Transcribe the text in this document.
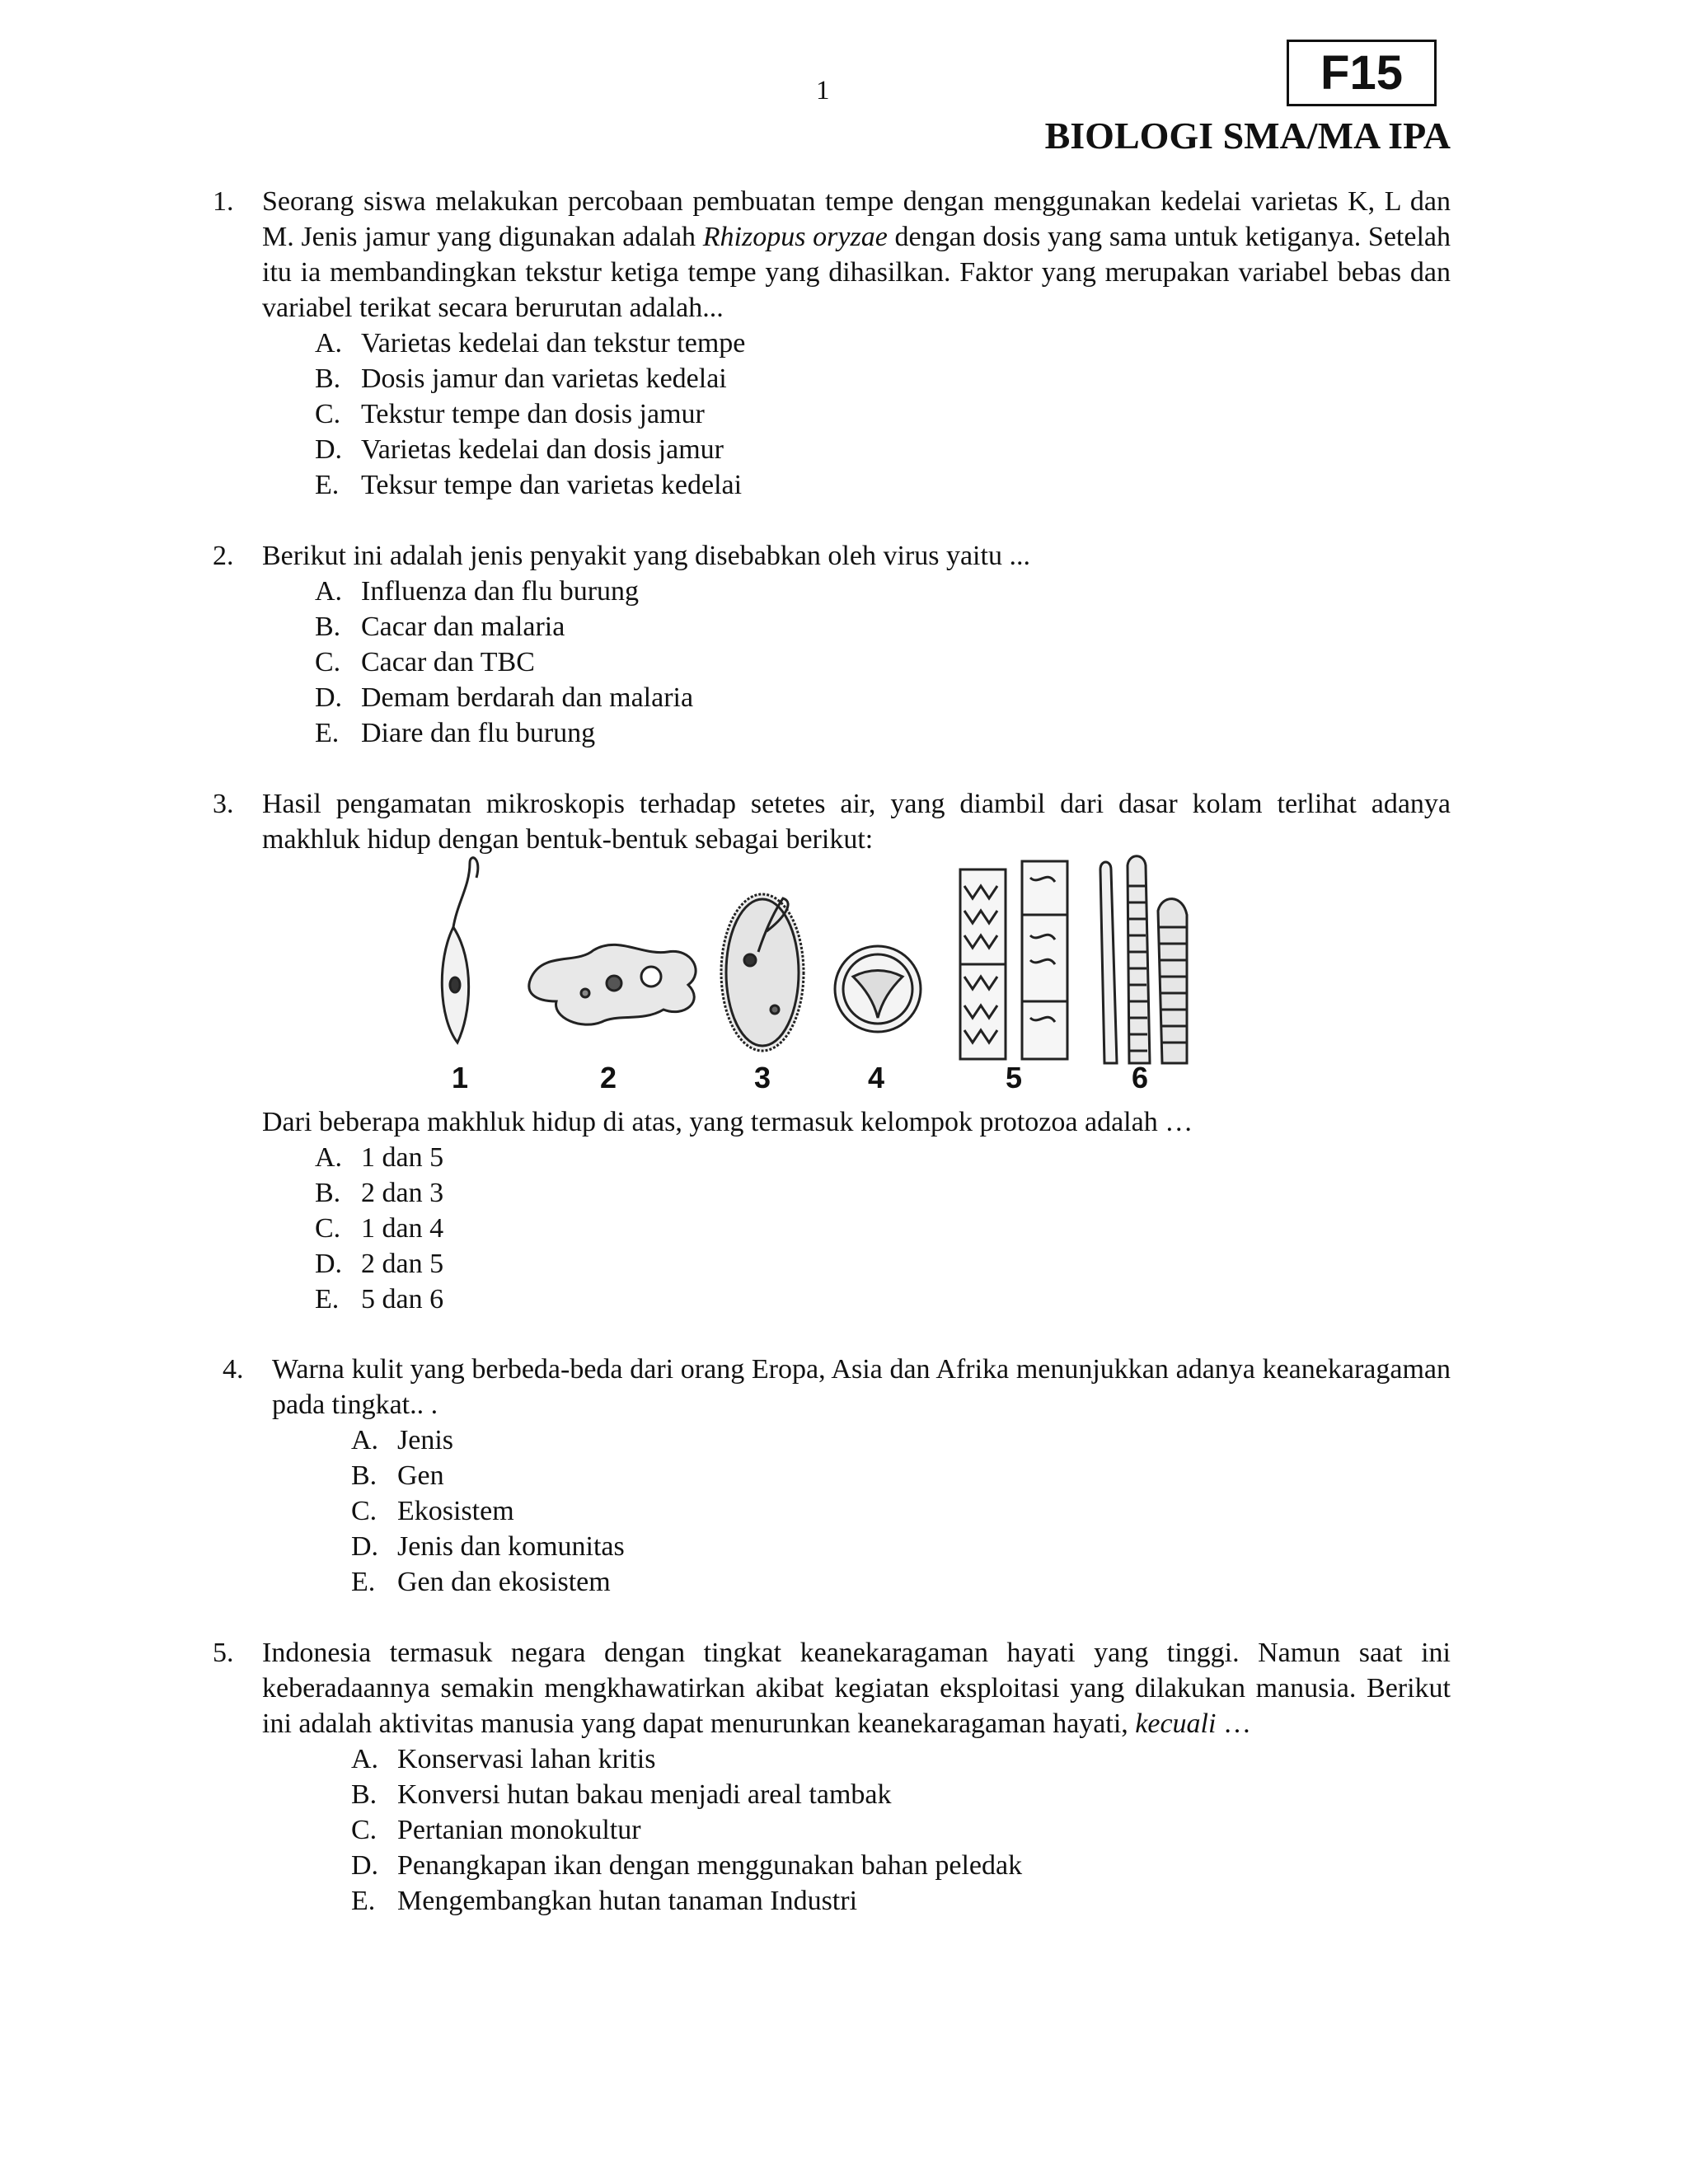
1	F15
BIOLOGI SMA/MA IPA
1. Seorang siswa melakukan percobaan pembuatan tempe dengan menggunakan kedelai varietas K, L dan M. Jenis jamur yang digunakan adalah Rhizopus oryzae dengan dosis yang sama untuk ketiganya. Setelah itu ia membandingkan tekstur ketiga tempe yang dihasilkan. Faktor yang merupakan variabel bebas dan variabel terikat secara berurutan adalah...
A. Varietas kedelai dan tekstur tempe
B. Dosis jamur dan varietas kedelai
C. Tekstur tempe dan dosis jamur
D. Varietas kedelai dan dosis jamur
E. Teksur tempe dan varietas kedelai
2. Berikut ini adalah jenis penyakit yang disebabkan oleh virus yaitu ...
A. Influenza dan flu burung
B. Cacar dan malaria
C. Cacar dan TBC
D. Demam berdarah dan malaria
E. Diare dan flu burung
3. Hasil pengamatan mikroskopis terhadap setetes air, yang diambil dari dasar kolam terlihat adanya makhluk hidup dengan bentuk-bentuk sebagai berikut:
1	2	3	4	5	6
Dari beberapa makhluk hidup di atas, yang termasuk kelompok protozoa adalah …
A. 1 dan 5
B. 2 dan 3
C. 1 dan 4
D. 2 dan 5
E. 5 dan 6
4. Warna kulit yang berbeda-beda dari orang Eropa, Asia dan Afrika menunjukkan adanya keanekaragaman pada tingkat.. .
A. Jenis
B. Gen
C. Ekosistem
D. Jenis dan komunitas
E. Gen dan ekosistem
5. Indonesia termasuk negara dengan tingkat keanekaragaman hayati yang tinggi. Namun saat ini keberadaannya semakin mengkhawatirkan akibat kegiatan eksploitasi yang dilakukan manusia. Berikut ini adalah aktivitas manusia yang dapat menurunkan keanekaragaman hayati, kecuali …
A. Konservasi lahan kritis
B. Konversi hutan bakau menjadi areal tambak
C. Pertanian monokultur
D. Penangkapan ikan dengan menggunakan bahan peledak
E. Mengembangkan hutan tanaman Industri
